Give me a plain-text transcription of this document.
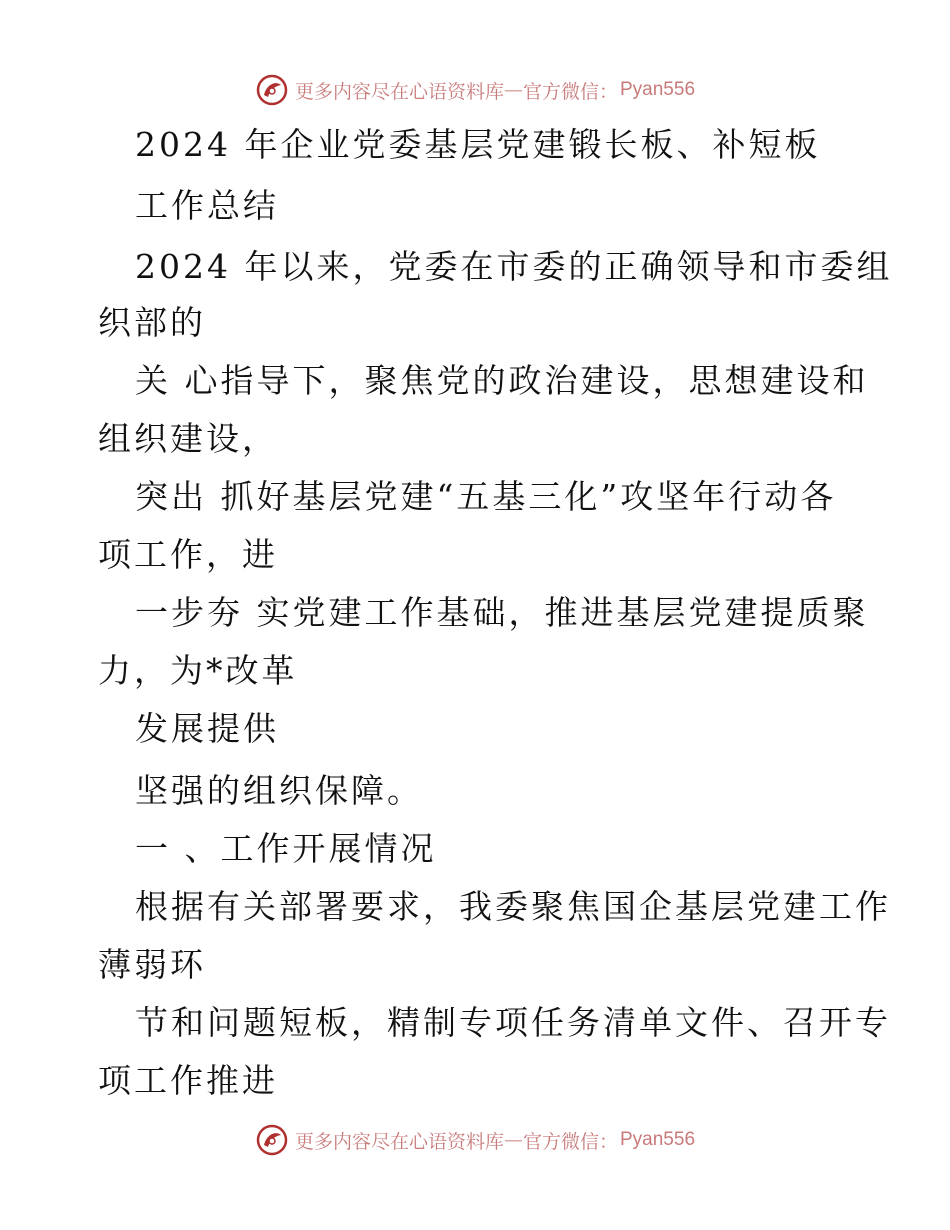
更多内容尽在心语资料库 — 官方微信： Pyan556
2024 年企业党委基层党建锻长板、补短板
工作总结
2024 年以来，党委在市委的正确领导和市委组
织部的
关 心指导下，聚焦党的政治建设，思想建设和
组织建设，
突出 抓好基层党建“五基三化”攻坚年行动各
项工作，进
一步夯 实党建工作基础，推进基层党建提质聚
力，为*改革
发展提供
坚强的组织保障。
一 、工作开展情况
根据有关部署要求，我委聚焦国企基层党建工作
薄弱环
节和问题短板，精制专项任务清单文件、召开专
项工作推进
更多内容尽在心语资料库 — 官方微信： Pyan556
